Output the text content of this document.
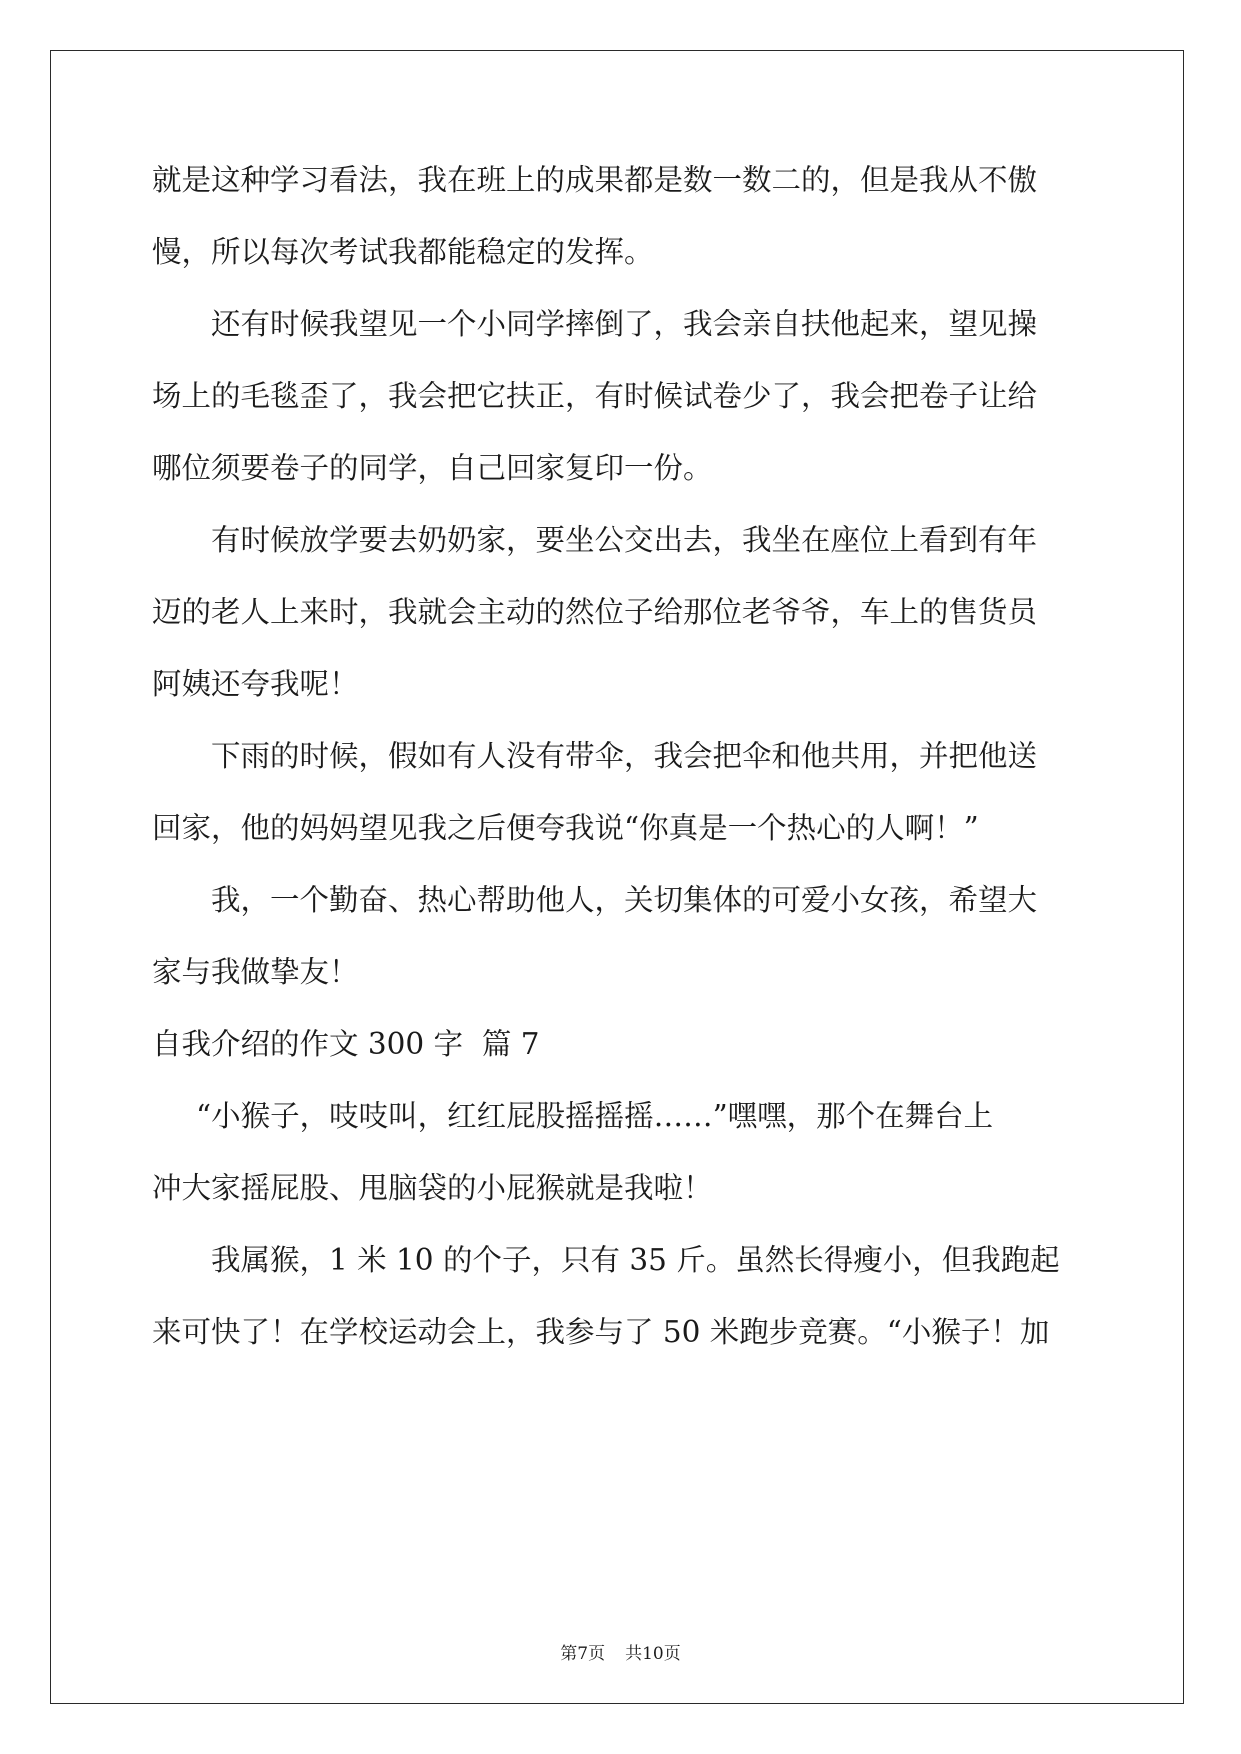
就是这种学习看法，我在班上的成果都是数一数二的，但是我从不傲
慢，所以每次考试我都能稳定的发挥。
还有时候我望见一个小同学摔倒了，我会亲自扶他起来，望见操
场上的毛毯歪了，我会把它扶正，有时候试卷少了，我会把卷子让给
哪位须要卷子的同学，自己回家复印一份。
有时候放学要去奶奶家，要坐公交出去，我坐在座位上看到有年
迈的老人上来时，我就会主动的然位子给那位老爷爷，车上的售货员
阿姨还夸我呢！
下雨的时候，假如有人没有带伞，我会把伞和他共用，并把他送
回家，他的妈妈望见我之后便夸我说“你真是一个热心的人啊！”
我，一个勤奋、热心帮助他人，关切集体的可爱小女孩，希望大
家与我做挚友！
自我介绍的作文 300 字  篇 7
“小猴子，吱吱叫，红红屁股摇摇摇……”嘿嘿，那个在舞台上
冲大家摇屁股、甩脑袋的小屁猴就是我啦！
我属猴，1 米 10 的个子，只有 35 斤。虽然长得瘦小，但我跑起
来可快了！在学校运动会上，我参与了 50 米跑步竞赛。“小猴子！加
第7页 共10页
